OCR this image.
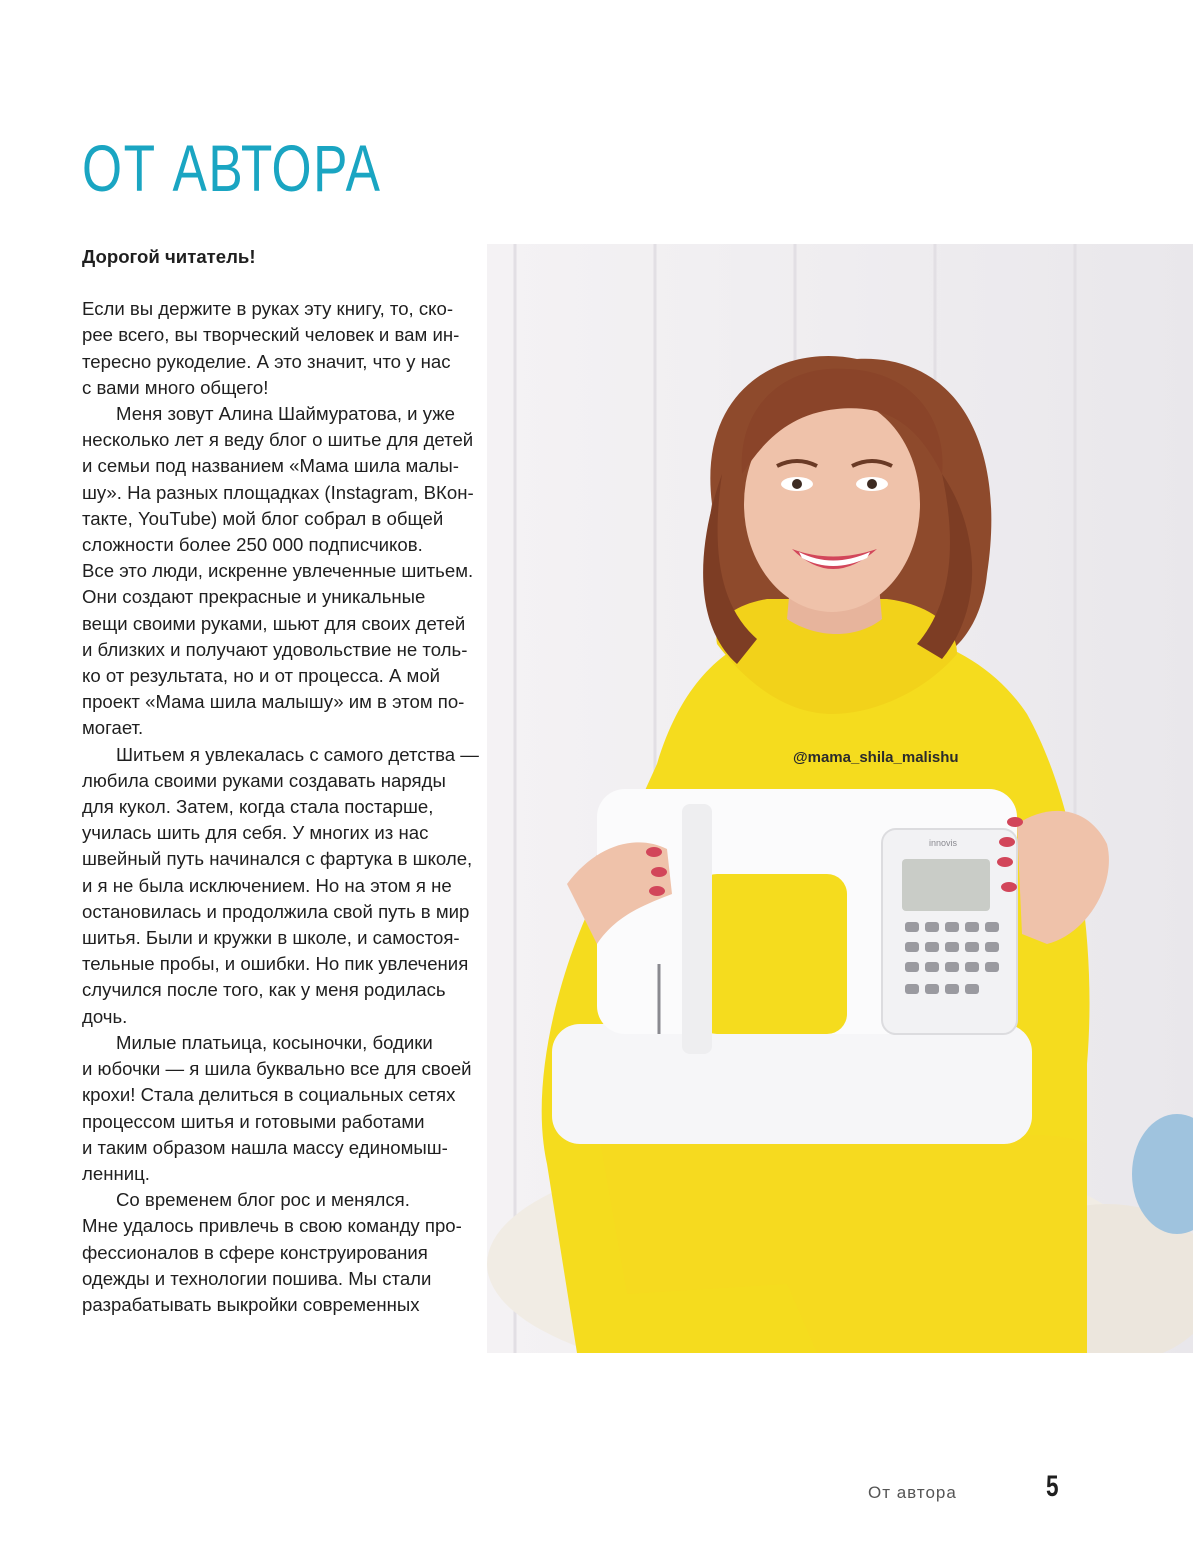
ОТ АВТОРА

Дорогой читатель!

Если вы держите в руках эту книгу, то, ско-
рее всего, вы творческий человек и вам ин-
тересно рукоделие. А это значит, что у нас
с вами много общего!

Меня зовут Алина Шаймуратова, и уже
несколько лет я веду блог о шитье для детей
и семьи под названием «Мама шила малы-
шу». На разных площадках (Instagram, ВКон-
такте, YouTube) мой блог собрал в общей
сложности более 250 000 подписчиков.
Все это люди, искренне увлеченные шитьем.
Они создают прекрасные и уникальные
вещи своими руками, шьют для своих детей
и близких и получают удовольствие не толь-
ко от результата, но и от процесса. А мой
проект «Мама шила малышу» им в этом по-
могает.

Шитьем я увлекалась с самого детства —
любила своими руками создавать наряды
для кукол. Затем, когда стала постарше,
училась шить для себя. У многих из нас
швейный путь начинался с фартука в школе,
и я не была исключением. Но на этом я не
остановилась и продолжила свой путь в мир
шитья. Были и кружки в школе, и самостоя-
тельные пробы, и ошибки. Но пик увлечения
случился после того, как у меня родилась
дочь.

Милые платьица, косыночки, бодики
и юбочки — я шила буквально все для своей
крохи! Стала делиться в социальных сетях
процессом шитья и готовыми работами
и таким образом нашла массу единомыш-
ленниц.

Со временем блог рос и менялся.
Мне удалось привлечь в свою команду про-
фессионалов в сфере конструирования
одежды и технологии пошива. Мы стали
разрабатывать выкройки современных

@mama_shila_malishu
innovis
От автора	5
